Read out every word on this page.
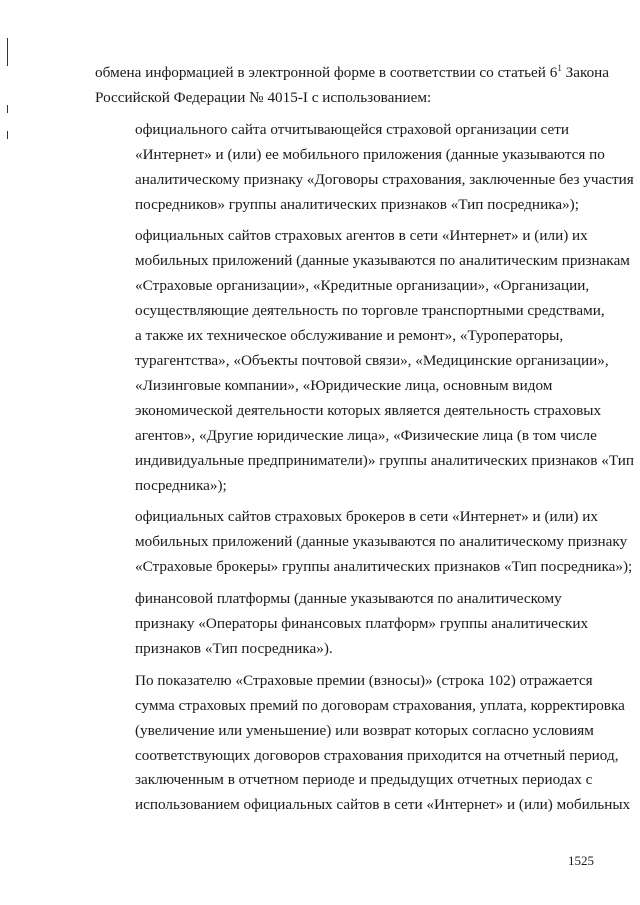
обмена информацией в электронной форме в соответствии со статьей $6^1$ Закона
Российской Федерации № 4015-I с использованием:

официального сайта отчитывающейся страховой организации сети
«Интернет» и (или) ее мобильного приложения (данные указываются по
аналитическому признаку «Договоры страхования, заключенные без участия
посредников» группы аналитических признаков «Тип посредника»);

официальных сайтов страховых агентов в сети «Интернет» и (или) их
мобильных приложений (данные указываются по аналитическим признакам
«Страховые организации», «Кредитные организации», «Организации,
осуществляющие деятельность по торговле транспортными средствами,
а также их техническое обслуживание и ремонт», «Туроператоры,
турагентства», «Объекты почтовой связи», «Медицинские организации»,
«Лизинговые компании», «Юридические лица, основным видом
экономической деятельности которых является деятельность страховых
агентов», «Другие юридические лица», «Физические лица (в том числе
индивидуальные предприниматели)» группы аналитических признаков «Тип
посредника»);

официальных сайтов страховых брокеров в сети «Интернет» и (или) их
мобильных приложений (данные указываются по аналитическому признаку
«Страховые брокеры» группы аналитических признаков «Тип посредника»);

финансовой платформы (данные указываются по аналитическому
признаку «Операторы финансовых платформ» группы аналитических
признаков «Тип посредника»).

По показателю «Страховые премии (взносы)» (строка 102) отражается
сумма страховых премий по договорам страхования, уплата, корректировка
(увеличение или уменьшение) или возврат которых согласно условиям
соответствующих договоров страхования приходится на отчетный период,
заключенным в отчетном периоде и предыдущих отчетных периодах с
использованием официальных сайтов в сети «Интернет» и (или) мобильных

1525
